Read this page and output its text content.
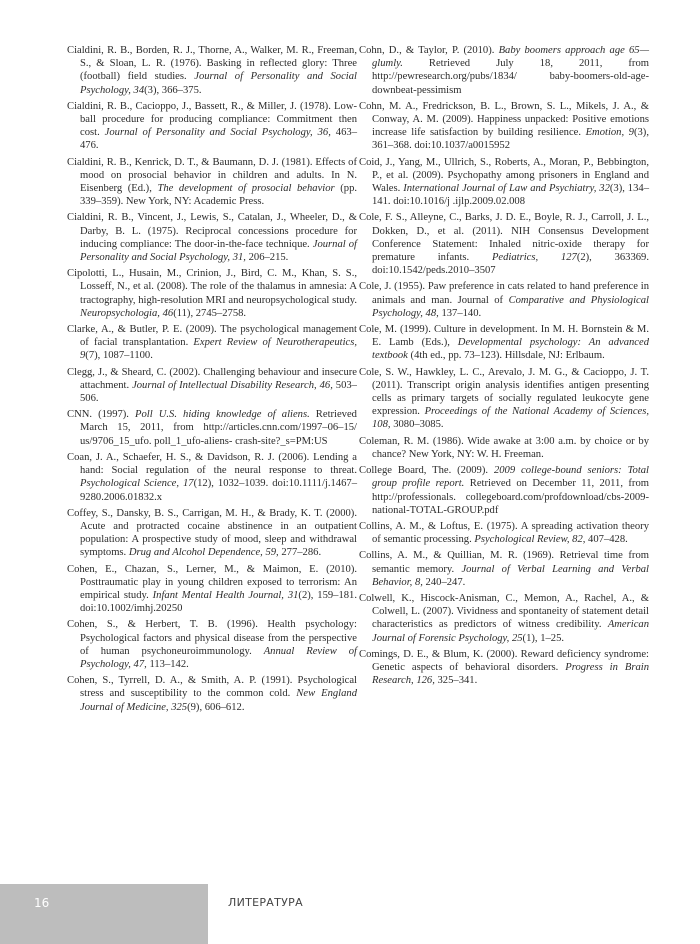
Cialdini, R. B., Borden, R. J., Thorne, A., Walker, M. R., Freeman, S., & Sloan, L. R. (1976). Basking in reflected glory: Three (football) field studies. Journal of Personality and Social Psychology, 34(3), 366–375.

Cialdini, R. B., Cacioppo, J., Bassett, R., & Miller, J. (1978). Low-ball procedure for producing compliance: Commitment then cost. Journal of Personality and Social Psychology, 36, 463–476.

Cialdini, R. B., Kenrick, D. T., & Baumann, D. J. (1981). Effects of mood on prosocial behavior in children and adults. In N. Eisenberg (Ed.), The development of prosocial behavior (pp. 339–359). New York, NY: Academic Press.

Cialdini, R. B., Vincent, J., Lewis, S., Catalan, J., Wheeler, D., & Darby, B. L. (1975). Reciprocal concessions procedure for inducing compliance: The door-in-the-face technique. Journal of Personality and Social Psychology, 31, 206–215.

Cipolotti, L., Husain, M., Crinion, J., Bird, C. M., Khan, S. S., Losseff, N., et al. (2008). The role of the thalamus in amnesia: A tractography, high-resolution MRI and neuropsychological study. Neuropsychologia, 46(11), 2745–2758.

Clarke, A., & Butler, P. E. (2009). The psychological management of facial transplantation. Expert Review of Neurotherapeutics, 9(7), 1087–1100.

Clegg, J., & Sheard, C. (2002). Challenging behaviour and insecure attachment. Journal of Intellectual Disability Research, 46, 503–506.

CNN. (1997). Poll U.S. hiding knowledge of aliens. Retrieved March 15, 2011, from http://articles.cnn.com/1997–06–15/ us/9706_15_ufo. poll_1_ufo-aliens- crash-site?_s=PM:US

Coan, J. A., Schaefer, H. S., & Davidson, R. J. (2006). Lending a hand: Social regulation of the neural response to threat. Psychological Science, 17(12), 1032–1039. doi:10.1111/j.1467–9280.2006.01832.x

Coffey, S., Dansky, B. S., Carrigan, M. H., & Brady, K. T. (2000). Acute and protracted cocaine abstinence in an outpatient population: A prospective study of mood, sleep and withdrawal symptoms. Drug and Alcohol Dependence, 59, 277–286.

Cohen, E., Chazan, S., Lerner, M., & Maimon, E. (2010). Posttraumatic play in young children exposed to terrorism: An empirical study. Infant Mental Health Journal, 31(2), 159–181. doi:10.1002/imhj.20250

Cohen, S., & Herbert, T. B. (1996). Health psychology: Psychological factors and physical disease from the perspective of human psychoneuroimmunology. Annual Review of Psychology, 47, 113–142.

Cohen, S., Tyrrell, D. A., & Smith, A. P. (1991). Psychological stress and susceptibility to the common cold. New England Journal of Medicine, 325(9), 606–612.

Cohn, D., & Taylor, P. (2010). Baby boomers approach age 65—glumly. Retrieved July 18, 2011, from http://pewresearch.org/pubs/1834/ baby-boomers-old-age-downbeat-pessimism

Cohn, M. A., Fredrickson, B. L., Brown, S. L., Mikels, J. A., & Conway, A. M. (2009). Happiness unpacked: Positive emotions increase life satisfaction by building resilience. Emotion, 9(3), 361–368. doi:10.1037/a0015952

Coid, J., Yang, M., Ullrich, S., Roberts, A., Moran, P., Bebbington, P., et al. (2009). Psychopathy among prisoners in England and Wales. International Journal of Law and Psychiatry, 32(3), 134–141. doi:10.1016/j .ijlp.2009.02.008

Cole, F. S., Alleyne, C., Barks, J. D. E., Boyle, R. J., Carroll, J. L., Dokken, D., et al. (2011). NIH Consensus Development Conference Statement: Inhaled nitric-oxide therapy for premature infants. Pediatrics, 127(2), 363369. doi:10.1542/peds.2010–3507

Cole, J. (1955). Paw preference in cats related to hand preference in animals and man. Journal of Comparative and Physiological Psychology, 48, 137–140.

Cole, M. (1999). Culture in development. In M. H. Bornstein & M. E. Lamb (Eds.), Developmental psychology: An advanced textbook (4th ed., pp. 73–123). Hillsdale, NJ: Erlbaum.

Cole, S. W., Hawkley, L. C., Arevalo, J. M. G., & Cacioppo, J. T. (2011). Transcript origin analysis identifies antigen presenting cells as primary targets of socially regulated leukocyte gene expression. Proceedings of the National Academy of Sciences, 108, 3080–3085.

Coleman, R. M. (1986). Wide awake at 3:00 a.m. by choice or by chance? New York, NY: W. H. Freeman.

College Board, The. (2009). 2009 college-bound seniors: Total group profile report. Retrieved on December 11, 2011, from http://professionals. collegeboard.com/profdownload/cbs-2009-national-TOTAL-GROUP.pdf

Collins, A. M., & Loftus, E. (1975). A spreading activation theory of semantic processing. Psychological Review, 82, 407–428.

Collins, A. M., & Quillian, M. R. (1969). Retrieval time from semantic memory. Journal of Verbal Learning and Verbal Behavior, 8, 240–247.

Colwell, K., Hiscock-Anisman, C., Memon, A., Rachel, A., & Colwell, L. (2007). Vividness and spontaneity of statement detail characteristics as predictors of witness credibility. American Journal of Forensic Psychology, 25(1), 1–25.

Comings, D. E., & Blum, K. (2000). Reward deficiency syndrome: Genetic aspects of behavioral disorders. Progress in Brain Research, 126, 325–341.

16	ЛИТЕРАТУРА
